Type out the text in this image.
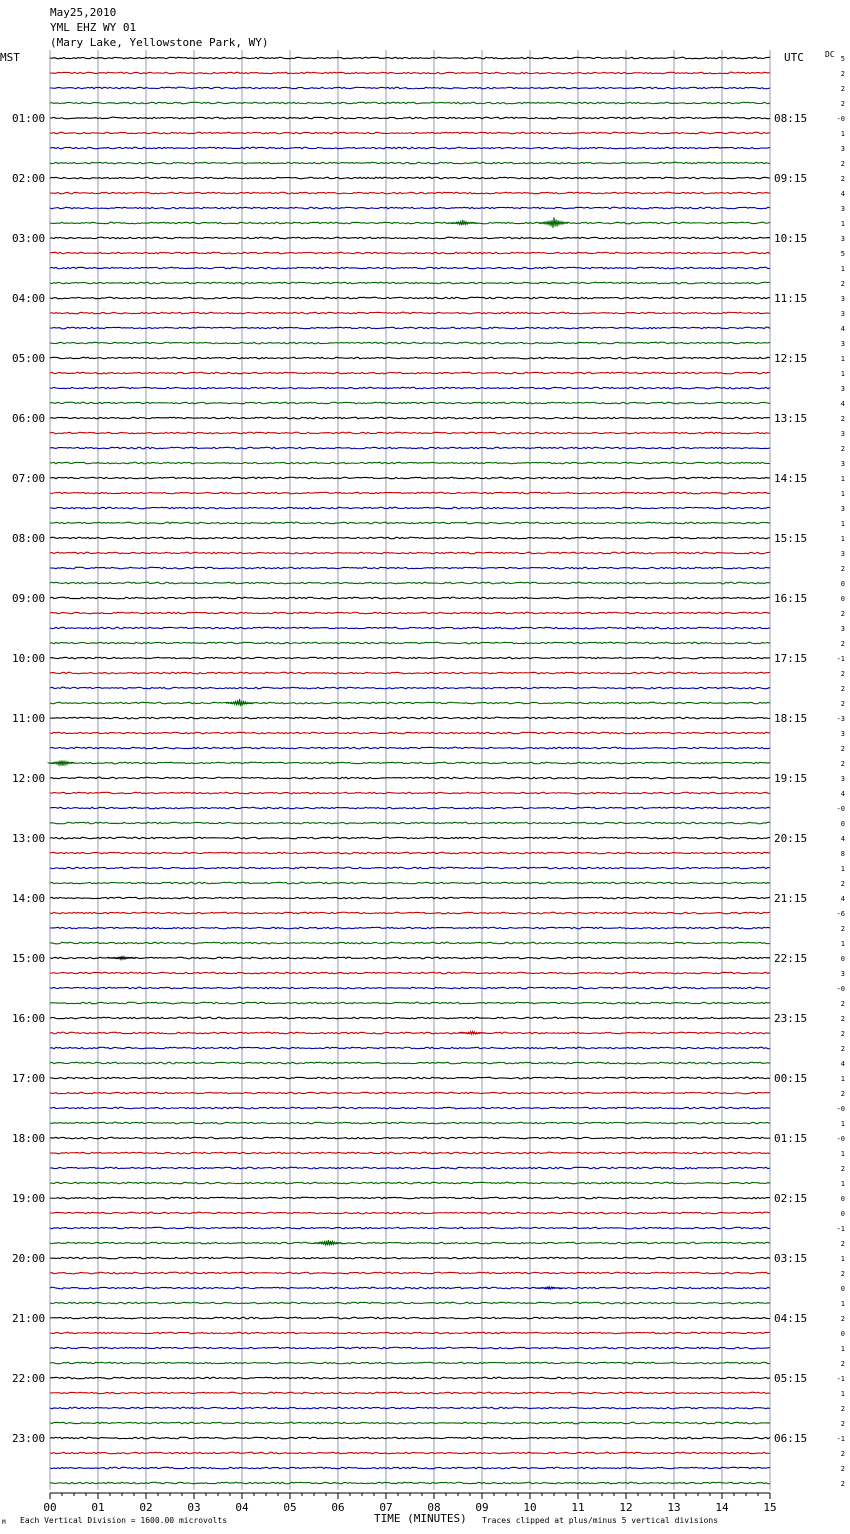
May25,2010
YML EHZ WY 01
(Mary Lake, Yellowstone Park, WY)
MST	UTC	DC
01:00
02:00
03:00
04:00
05:00
06:00
07:00
08:00
09:00
10:00
11:00
12:00
13:00
14:00
15:00
16:00
17:00
18:00
19:00
20:00
21:00
22:00
23:00
08:15
09:15
10:15
11:15
12:15
13:15
14:15
15:15
16:15
17:15
18:15
19:15
20:15
21:15
22:15
23:15
00:15
01:15
02:15
03:15
04:15
05:15
06:15
5
2
2
2
-0
1
3
2
2
4
3
1
3
5
1
2
3
3
4
3
1
1
3
4
2
3
2
3
1
1
3
1
1
3
2
0
0
2
3
2
-1
2
2
2
-3
3
2
2
3
4
-0
0
4
8
1
2
4
-6
2
1
0
3
-0
2
2
2
2
4
1
2
-0
1
-0
1
2
1
0
0
-1
2
1
2
0
1
2
0
1
2
-1
1
2
2
-1
2
2
2
00	01	02	03	04	05	06	07	08	09	10	11	12	13	14	15
M Each Vertical Division = 1600.00 microvolts	TIME (MINUTES) Traces clipped at plus/minus 5 vertical divisions
